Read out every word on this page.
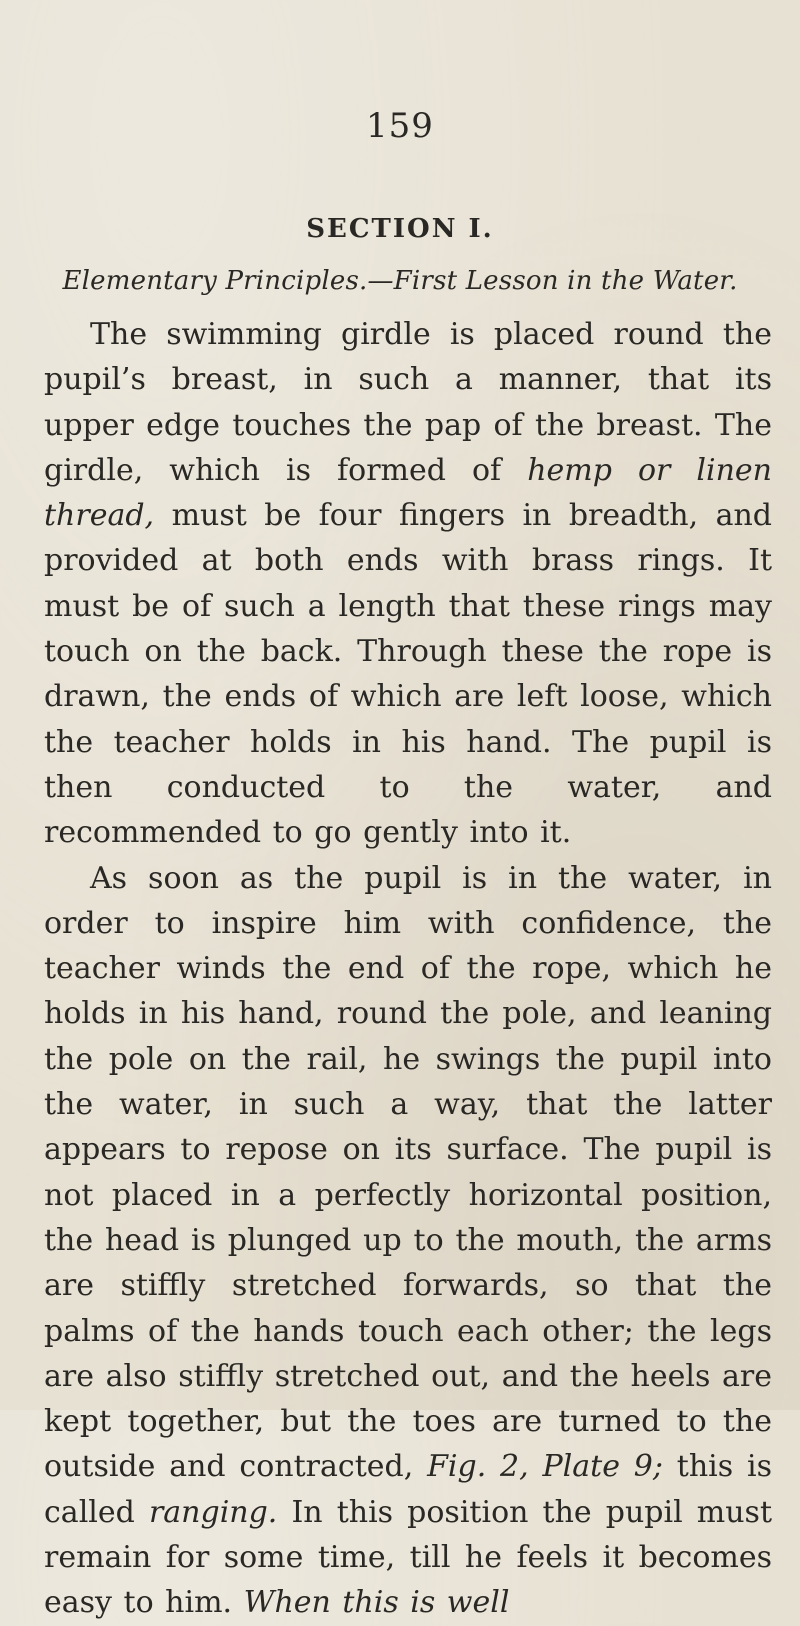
159
SECTION I.
Elementary Principles.—First Lesson in the Water.

The swimming girdle is placed round the pupil’s breast, in such a manner, that its upper edge touches the pap of the breast. The girdle, which is formed of hemp or linen thread, must be four fingers in breadth, and provided at both ends with brass rings. It must be of such a length that these rings may touch on the back. Through these the rope is drawn, the ends of which are left loose, which the teacher holds in his hand. The pupil is then conducted to the water, and recommended to go gently into it.

As soon as the pupil is in the water, in order to inspire him with confidence, the teacher winds the end of the rope, which he holds in his hand, round the pole, and leaning the pole on the rail, he swings the pupil into the water, in such a way, that the latter appears to repose on its surface. The pupil is not placed in a perfectly horizontal position, the head is plunged up to the mouth, the arms are stiffly stretched forwards, so that the palms of the hands touch each other; the legs are also stiffly stretched out, and the heels are kept together, but the toes are turned to the outside and contracted, Fig. 2, Plate 9; this is called ranging. In this position the pupil must remain for some time, till he feels it becomes easy to him. When this is well
